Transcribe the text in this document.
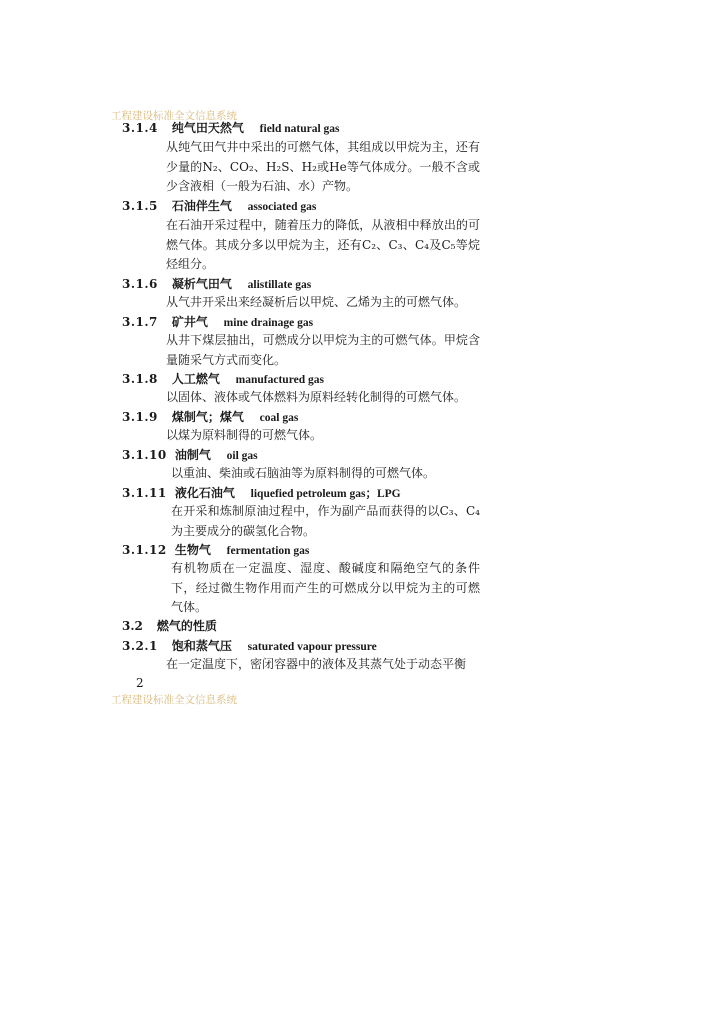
工程建设标准全文信息系统
3.1.4 纯气田天然气 field natural gas
从纯气田气井中采出的可燃气体，其组成以甲烷为主，还有少量的N₂、CO₂、H₂S、H₂或He等气体成分。一般不含或少含液相（一般为石油、水）产物。
3.1.5 石油伴生气 associated gas
在石油开采过程中，随着压力的降低，从液相中释放出的可燃气体。其成分多以甲烷为主，还有C₂、C₃、C₄及C₅等烷烃组分。
3.1.6 凝析气田气 alistillate gas
从气井开采出来经凝析后以甲烷、乙烯为主的可燃气体。
3.1.7 矿井气 mine drainage gas
从井下煤层抽出，可燃成分以甲烷为主的可燃气体。甲烷含量随采气方式而变化。
3.1.8 人工燃气 manufactured gas
以固体、液体或气体燃料为原料经转化制得的可燃气体。
3.1.9 煤制气；煤气 coal gas
以煤为原料制得的可燃气体。
3.1.10 油制气 oil gas
以重油、柴油或石脑油等为原料制得的可燃气体。
3.1.11 液化石油气 liquefied petroleum gas；LPG
在开采和炼制原油过程中，作为副产品而获得的以C₃、C₄为主要成分的碳氢化合物。
3.1.12 生物气 fermentation gas
有机物质在一定温度、湿度、酸碱度和隔绝空气的条件下，经过微生物作用而产生的可燃成分以甲烷为主的可燃气体。
3.2 燃气的性质
3.2.1 饱和蒸气压 saturated vapour pressure
在一定温度下，密闭容器中的液体及其蒸气处于动态平衡
2
工程建设标准全文信息系统
